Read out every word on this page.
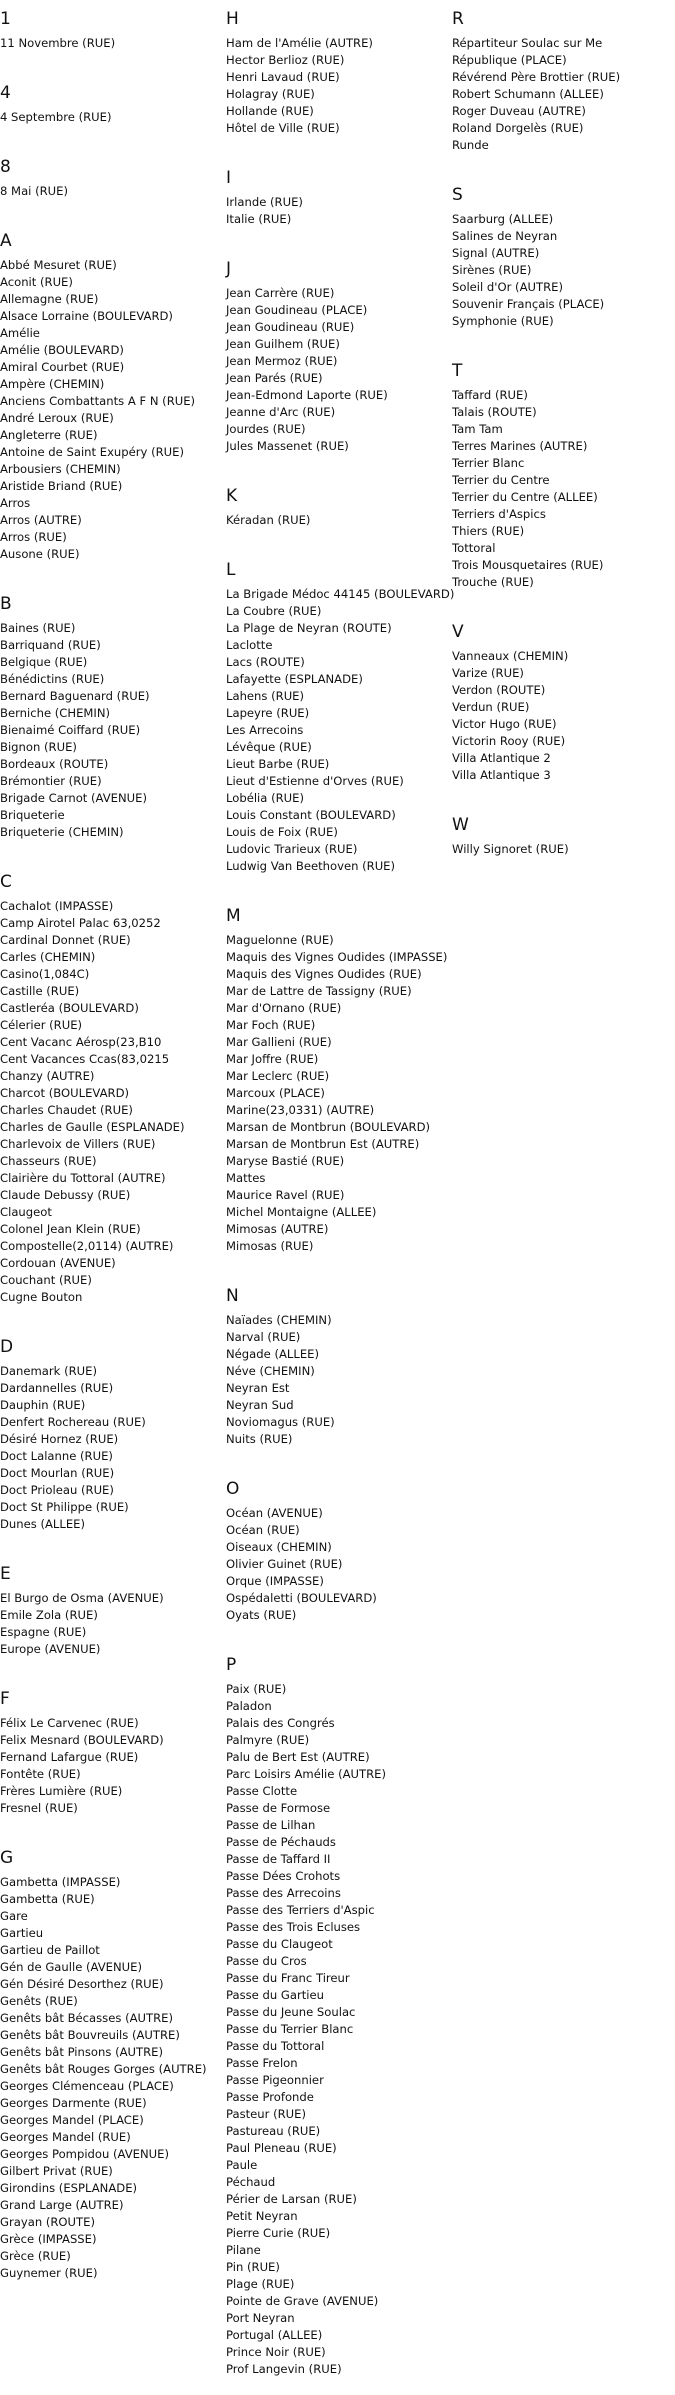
1
11 Novembre (RUE)
4
4 Septembre (RUE)
8
8 Mai (RUE)
A
Abbé Mesuret (RUE)
Aconit (RUE)
Allemagne (RUE)
Alsace Lorraine (BOULEVARD)
Amélie
Amélie (BOULEVARD)
Amiral Courbet (RUE)
Ampère (CHEMIN)
Anciens Combattants A F N (RUE)
André Leroux (RUE)
Angleterre (RUE)
Antoine de Saint Exupéry (RUE)
Arbousiers (CHEMIN)
Aristide Briand (RUE)
Arros
Arros (AUTRE)
Arros (RUE)
Ausone (RUE)
B
Baines (RUE)
Barriquand (RUE)
Belgique (RUE)
Bénédictins (RUE)
Bernard Baguenard (RUE)
Berniche (CHEMIN)
Bienaimé Coiffard (RUE)
Bignon (RUE)
Bordeaux (ROUTE)
Brémontier (RUE)
Brigade Carnot (AVENUE)
Briqueterie
Briqueterie (CHEMIN)
C
Cachalot (IMPASSE)
Camp Airotel Palac 63,0252
Cardinal Donnet (RUE)
Carles (CHEMIN)
Casino(1,084C)
Castille (RUE)
Castleréa (BOULEVARD)
Célerier (RUE)
Cent Vacanc Aérosp(23,B10
Cent Vacances Ccas(83,0215
Chanzy (AUTRE)
Charcot (BOULEVARD)
Charles Chaudet (RUE)
Charles de Gaulle (ESPLANADE)
Charlevoix de Villers (RUE)
Chasseurs (RUE)
Clairière du Tottoral (AUTRE)
Claude Debussy (RUE)
Claugeot
Colonel Jean Klein (RUE)
Compostelle(2,0114) (AUTRE)
Cordouan (AVENUE)
Couchant (RUE)
Cugne Bouton
D
Danemark (RUE)
Dardannelles (RUE)
Dauphin (RUE)
Denfert Rochereau (RUE)
Désiré Hornez (RUE)
Doct Lalanne (RUE)
Doct Mourlan (RUE)
Doct Prioleau (RUE)
Doct St Philippe (RUE)
Dunes (ALLEE)
E
El Burgo de Osma (AVENUE)
Emile Zola (RUE)
Espagne (RUE)
Europe (AVENUE)
F
Félix Le Carvenec (RUE)
Felix Mesnard (BOULEVARD)
Fernand Lafargue (RUE)
Fontête (RUE)
Frères Lumière (RUE)
Fresnel (RUE)
G
Gambetta (IMPASSE)
Gambetta (RUE)
Gare
Gartieu
Gartieu de Paillot
Gén de Gaulle (AVENUE)
Gén Désiré Desorthez (RUE)
Genêts (RUE)
Genêts bât Bécasses (AUTRE)
Genêts bât Bouvreuils (AUTRE)
Genêts bât Pinsons (AUTRE)
Genêts bât Rouges Gorges (AUTRE)
Georges Clémenceau (PLACE)
Georges Darmente (RUE)
Georges Mandel (PLACE)
Georges Mandel (RUE)
Georges Pompidou (AVENUE)
Gilbert Privat (RUE)
Girondins (ESPLANADE)
Grand Large (AUTRE)
Grayan (ROUTE)
Grèce (IMPASSE)
Grèce (RUE)
Guynemer (RUE)
H
Ham de l'Amélie (AUTRE)
Hector Berlioz (RUE)
Henri Lavaud (RUE)
Holagray (RUE)
Hollande (RUE)
Hôtel de Ville (RUE)
I
Irlande (RUE)
Italie (RUE)
J
Jean Carrère (RUE)
Jean Goudineau (PLACE)
Jean Goudineau (RUE)
Jean Guilhem (RUE)
Jean Mermoz (RUE)
Jean Parés (RUE)
Jean-Edmond Laporte (RUE)
Jeanne d'Arc (RUE)
Jourdes (RUE)
Jules Massenet (RUE)
K
Kéradan (RUE)
L
La Brigade Médoc 44145 (BOULEVARD)
La Coubre (RUE)
La Plage de Neyran (ROUTE)
Laclotte
Lacs (ROUTE)
Lafayette (ESPLANADE)
Lahens (RUE)
Lapeyre (RUE)
Les Arrecoins
Lévêque (RUE)
Lieut Barbe (RUE)
Lieut d'Estienne d'Orves (RUE)
Lobélia (RUE)
Louis Constant (BOULEVARD)
Louis de Foix (RUE)
Ludovic Trarieux (RUE)
Ludwig Van Beethoven (RUE)
M
Maguelonne (RUE)
Maquis des Vignes Oudides (IMPASSE)
Maquis des Vignes Oudides (RUE)
Mar de Lattre de Tassigny (RUE)
Mar d'Ornano (RUE)
Mar Foch (RUE)
Mar Gallieni (RUE)
Mar Joffre (RUE)
Mar Leclerc (RUE)
Marcoux (PLACE)
Marine(23,0331) (AUTRE)
Marsan de Montbrun (BOULEVARD)
Marsan de Montbrun Est (AUTRE)
Maryse Bastié (RUE)
Mattes
Maurice Ravel (RUE)
Michel Montaigne (ALLEE)
Mimosas (AUTRE)
Mimosas (RUE)
N
Naïades (CHEMIN)
Narval (RUE)
Négade (ALLEE)
Néve (CHEMIN)
Neyran Est
Neyran Sud
Noviomagus (RUE)
Nuits (RUE)
O
Océan (AVENUE)
Océan (RUE)
Oiseaux (CHEMIN)
Olivier Guinet (RUE)
Orque (IMPASSE)
Ospédaletti (BOULEVARD)
Oyats (RUE)
P
Paix (RUE)
Paladon
Palais des Congrés
Palmyre (RUE)
Palu de Bert Est (AUTRE)
Parc Loisirs Amélie (AUTRE)
Passe Clotte
Passe de Formose
Passe de Lilhan
Passe de Péchauds
Passe de Taffard II
Passe Dées Crohots
Passe des Arrecoins
Passe des Terriers d'Aspic
Passe des Trois Ecluses
Passe du Claugeot
Passe du Cros
Passe du Franc Tireur
Passe du Gartieu
Passe du Jeune Soulac
Passe du Terrier Blanc
Passe du Tottoral
Passe Frelon
Passe Pigeonnier
Passe Profonde
Pasteur (RUE)
Pastureau (RUE)
Paul Pleneau (RUE)
Paule
Péchaud
Périer de Larsan (RUE)
Petit Neyran
Pierre Curie (RUE)
Pilane
Pin (RUE)
Plage (RUE)
Pointe de Grave (AVENUE)
Port Neyran
Portugal (ALLEE)
Prince Noir (RUE)
Prof Langevin (RUE)
R
Répartiteur Soulac sur Me
République (PLACE)
Révérend Père Brottier (RUE)
Robert Schumann (ALLEE)
Roger Duveau (AUTRE)
Roland Dorgelès (RUE)
Runde
S
Saarburg (ALLEE)
Salines de Neyran
Signal (AUTRE)
Sirènes (RUE)
Soleil d'Or (AUTRE)
Souvenir Français (PLACE)
Symphonie (RUE)
T
Taffard (RUE)
Talais (ROUTE)
Tam Tam
Terres Marines (AUTRE)
Terrier Blanc
Terrier du Centre
Terrier du Centre (ALLEE)
Terriers d'Aspics
Thiers (RUE)
Tottoral
Trois Mousquetaires (RUE)
Trouche (RUE)
V
Vanneaux (CHEMIN)
Varize (RUE)
Verdon (ROUTE)
Verdun (RUE)
Victor Hugo (RUE)
Victorin Rooy (RUE)
Villa Atlantique 2
Villa Atlantique 3
W
Willy Signoret (RUE)
